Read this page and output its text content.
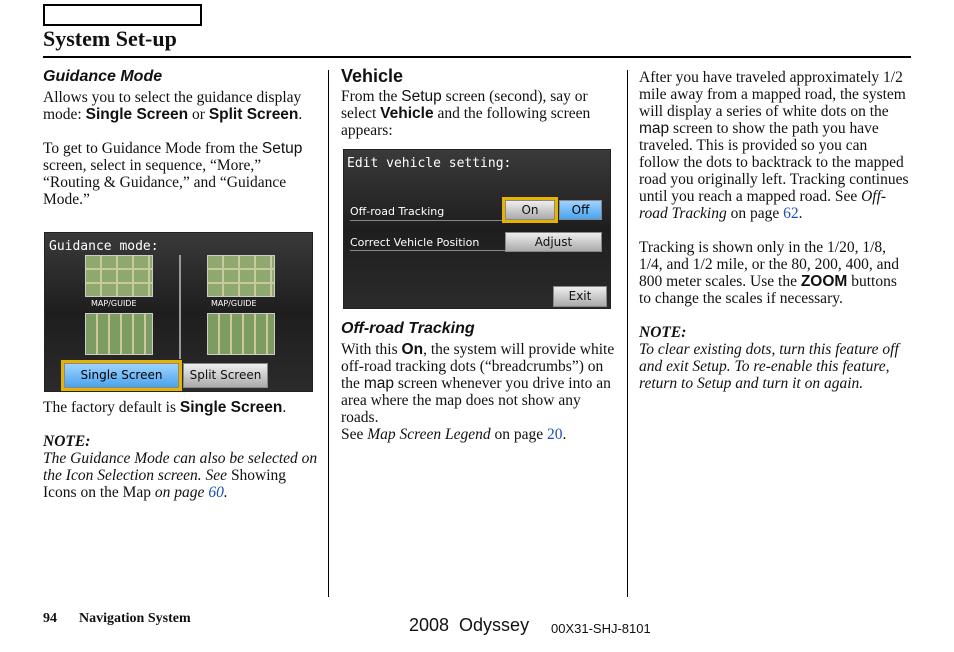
System Set-up
Guidance Mode

Allows you to select the guidance display mode: Single Screen or Split Screen.

To get to Guidance Mode from the Setup screen, select in sequence, “More,” “Routing & Guidance,” and “Guidance Mode.”

Guidance mode:
MAP/GUIDE	MAP/GUIDE
Single Screen	Split Screen

The factory default is Single Screen.

NOTE:

The Guidance Mode can also be selected on the Icon Selection screen. See Showing Icons on the Map on page 60.

Vehicle

From the Setup screen (second), say or select Vehicle and the following screen appears:

Edit vehicle setting:
Off-road Tracking	On	Off
Correct Vehicle Position	Adjust
Exit
Off-road Tracking

With this On, the system will provide white off-road tracking dots (“breadcrumbs”) on the map screen whenever you drive into an area where the map does not show any roads.

See Map Screen Legend on page 20.

After you have traveled approximately 1/2 mile away from a mapped road, the system will display a series of white dots on the map screen to show the path you have traveled. This is provided so you can follow the dots to backtrack to the mapped road you originally left. Tracking continues until you reach a mapped road. See Off-road Tracking on page 62.

Tracking is shown only in the 1/20, 1/8, 1/4, and 1/2 mile, or the 80, 200, 400, and 800 meter scales. Use the ZOOM buttons to change the scales if necessary.

NOTE:

To clear existing dots, turn this feature off and exit Setup. To re-enable this feature, return to Setup and turn it on again.

94 Navigation System	2008  Odyssey 00X31-SHJ-8101
